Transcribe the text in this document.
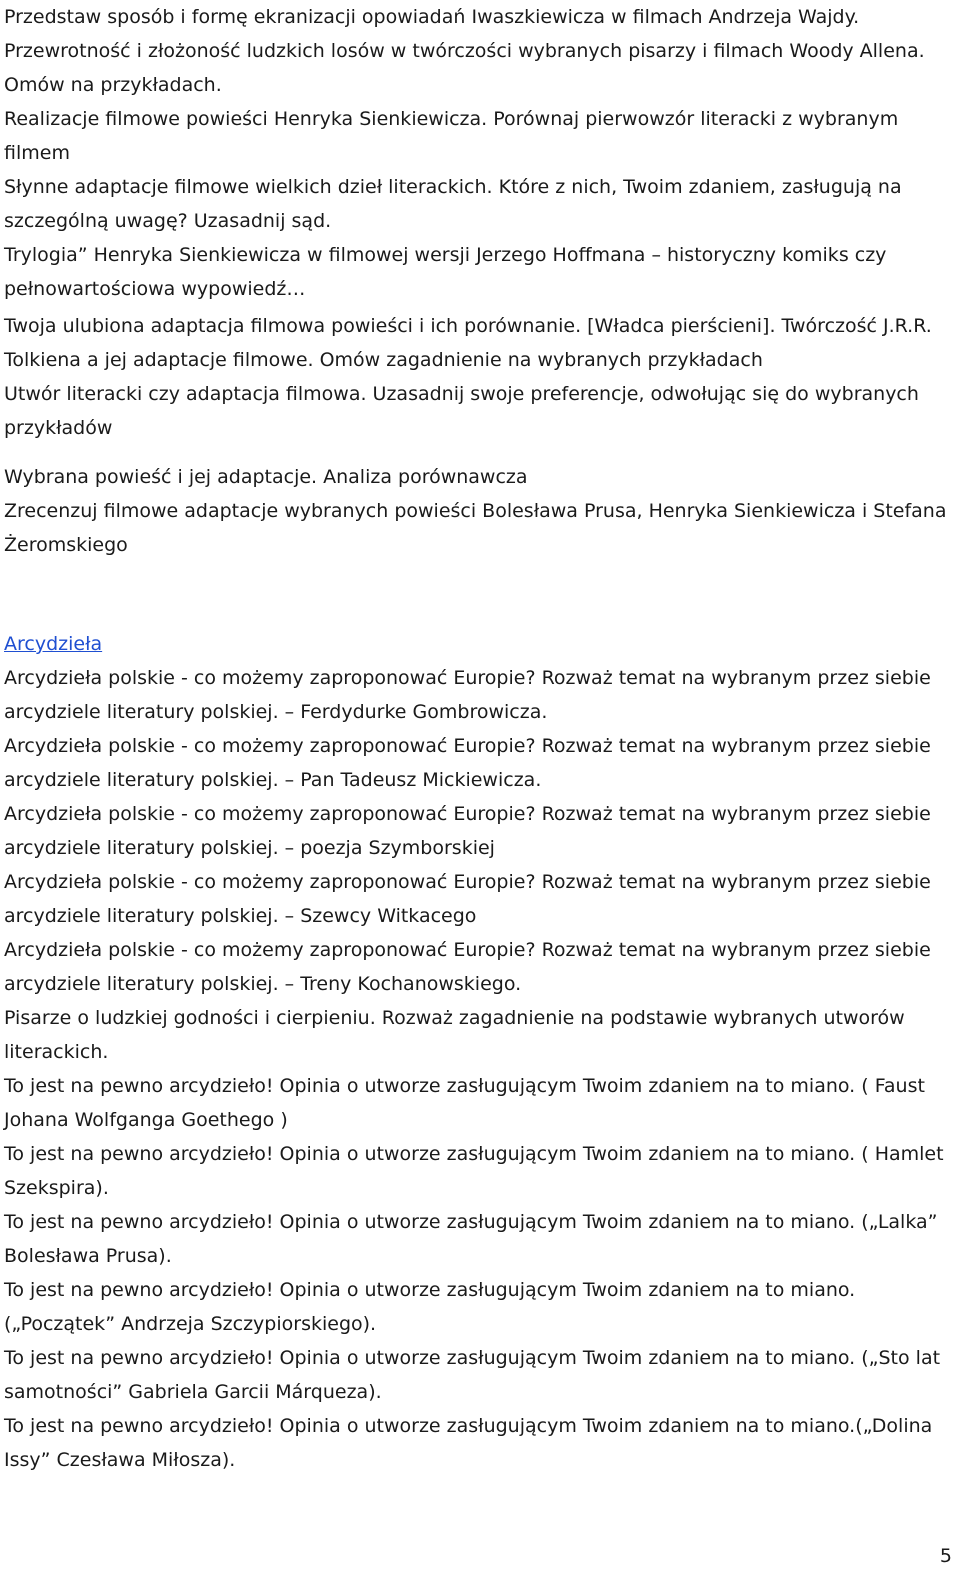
Przedstaw sposób i formę ekranizacji opowiadań Iwaszkiewicza w filmach Andrzeja Wajdy.

Przewrotność i złożoność ludzkich losów w twórczości wybranych pisarzy i filmach Woody Allena. Omów na przykładach.

Realizacje filmowe powieści Henryka Sienkiewicza. Porównaj pierwowzór literacki z wybranym filmem

Słynne adaptacje filmowe wielkich dzieł literackich. Które z nich, Twoim zdaniem, zasługują na szczególną uwagę? Uzasadnij sąd.

Trylogia” Henryka Sienkiewicza w filmowej wersji Jerzego Hoffmana – historyczny komiks czy pełnowartościowa wypowiedź…

Twoja ulubiona adaptacja filmowa powieści i ich porównanie. [Władca pierścieni]. Twórczość J.R.R. Tolkiena a jej adaptacje filmowe. Omów zagadnienie na wybranych przykładach

Utwór literacki czy adaptacja filmowa. Uzasadnij swoje preferencje, odwołując się do wybranych przykładów

Wybrana powieść i jej adaptacje. Analiza porównawcza

Zrecenzuj filmowe adaptacje wybranych powieści Bolesława Prusa, Henryka Sienkiewicza i Stefana Żeromskiego

Arcydzieła

Arcydzieła polskie - co możemy zaproponować Europie? Rozważ temat na wybranym przez siebie arcydziele literatury polskiej. – Ferdydurke Gombrowicza.

Arcydzieła polskie - co możemy zaproponować Europie? Rozważ temat na wybranym przez siebie arcydziele literatury polskiej. – Pan Tadeusz Mickiewicza.

Arcydzieła polskie - co możemy zaproponować Europie? Rozważ temat na wybranym przez siebie arcydziele literatury polskiej. – poezja Szymborskiej

Arcydzieła polskie - co możemy zaproponować Europie? Rozważ temat na wybranym przez siebie arcydziele literatury polskiej. – Szewcy Witkacego

Arcydzieła polskie - co możemy zaproponować Europie? Rozważ temat na wybranym przez siebie arcydziele literatury polskiej. – Treny Kochanowskiego.

Pisarze o ludzkiej godności i cierpieniu. Rozważ zagadnienie na podstawie wybranych utworów literackich.

To jest na pewno arcydzieło! Opinia o utworze zasługującym Twoim zdaniem na to miano. ( Faust Johana Wolfganga Goethego )

To jest na pewno arcydzieło! Opinia o utworze zasługującym Twoim zdaniem na to miano. ( Hamlet Szekspira).

To jest na pewno arcydzieło! Opinia o utworze zasługującym Twoim zdaniem na to miano. („Lalka” Bolesława Prusa).

To jest na pewno arcydzieło! Opinia o utworze zasługującym Twoim zdaniem na to miano. („Początek” Andrzeja Szczypiorskiego).

To jest na pewno arcydzieło! Opinia o utworze zasługującym Twoim zdaniem na to miano. („Sto lat samotności” Gabriela Garcii Márqueza).

To jest na pewno arcydzieło! Opinia o utworze zasługującym Twoim zdaniem na to miano.(„Dolina Issy” Czesława Miłosza).

5
